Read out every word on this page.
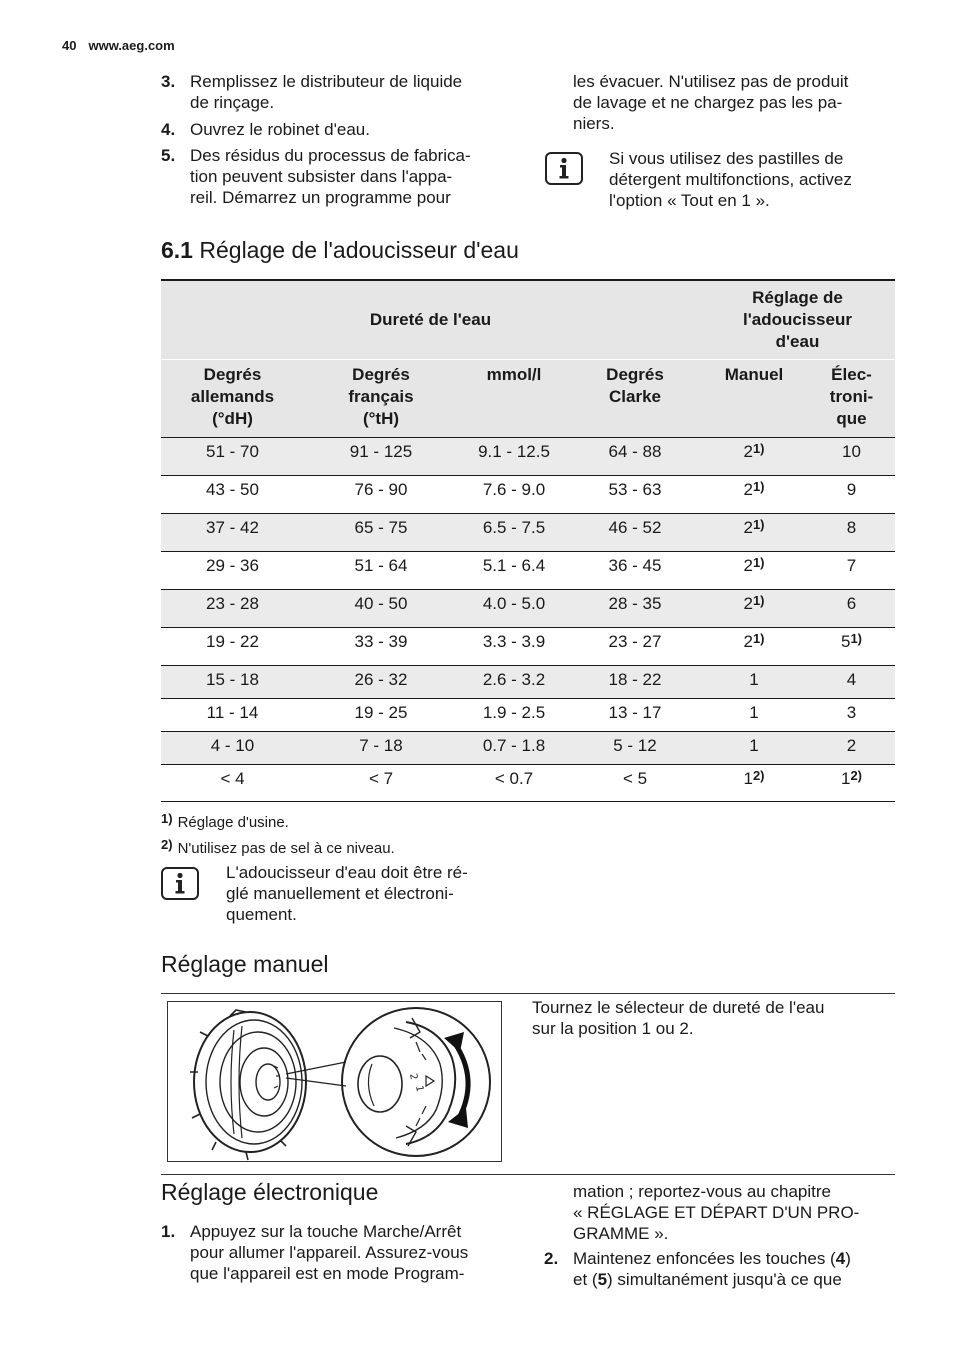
40 www.aeg.com
3. Remplissez le distributeur de liquide
de rinçage.
4. Ouvrez le robinet d'eau.
5. Des résidus du processus de fabrica-
tion peuvent subsister dans l'appa-
reil. Démarrez un programme pour
les évacuer. N'utilisez pas de produit
de lavage et ne chargez pas les pa-
niers.
Si vous utilisez des pastilles de
détergent multifonctions, activez
l'option « Tout en 1 ».
6.1 Réglage de l'adoucisseur d'eau
Dureté de l'eau				Réglage de
l'adoucisseur
d'eau	
Degrés
allemands
(°dH)	Degrés
français
(°tH)	mmol/l	Degrés
Clarke	Manuel	Élec-
troni-
que
51 - 70	91 - 125	9.1 - 12.5	64 - 88	2$^{1)}$	10
43 - 50	76 - 90	7.6 - 9.0	53 - 63	2$^{1)}$	9
37 - 42	65 - 75	6.5 - 7.5	46 - 52	2$^{1)}$	8
29 - 36	51 - 64	5.1 - 6.4	36 - 45	2$^{1)}$	7
23 - 28	40 - 50	4.0 - 5.0	28 - 35	2$^{1)}$	6
19 - 22	33 - 39	3.3 - 3.9	23 - 27	2$^{1)}$	5$^{1)}$
15 - 18	26 - 32	2.6 - 3.2	18 - 22	1	4
11 - 14	19 - 25	1.9 - 2.5	13 - 17	1	3
4 - 10	7 - 18	0.7 - 1.8	5 - 12	1	2
< 4	< 7	< 0.7	< 5	1$^{2)}$	1$^{2)}$
1) Réglage d'usine.
2) N'utilisez pas de sel à ce niveau.
L'adoucisseur d'eau doit être ré-
glé manuellement et électroni-
quement.
Réglage manuel
Tournez le sélecteur de dureté de l'eau
sur la position 1 ou 2.
2
1
Réglage électronique
1. Appuyez sur la touche Marche/Arrêt
pour allumer l'appareil. Assurez-vous
que l'appareil est en mode Program-
mation ; reportez-vous au chapitre
« RÉGLAGE ET DÉPART D'UN PRO-
GRAMME ».
2. Maintenez enfoncées les touches (4)
et (5) simultanément jusqu'à ce que
